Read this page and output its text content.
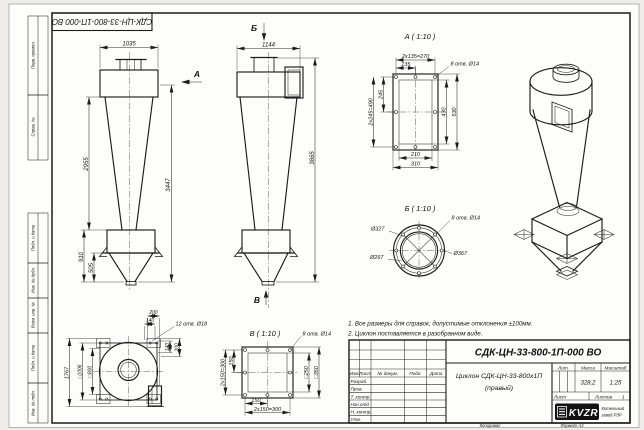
Перв. примен.
Справ. №
Подп. и дата
Инв. № дубл.
Взам. инв. №
Подп. и дата
Инв. № подл.
СДК-ЦН-33-800-1П-000 ВО
1035
3447
2955
910
505
А
Б
1144
3865
В
А ( 1:10 )
135
2х135=270
8 отв. Ø14
245
2х245=490	430 530
210
310
Б ( 1:10 )
8 отв. Ø14
Ø327
Ø267
Ø367
В ( 1:10 )	8 отв. Ø14
150
2х150=300	□250 □350
150
2х150=300
200
140
12 отв. Ø18
140 200
1767 □1006 □800
1. Все размеры для справок, допустимые отклонения ±100мм.
2. Циклон поставляется в разобранном виде.
СДК-ЦН-33-800-1П-000 ВО
Изм Лист № докум. Подп. Дата
Разраб.
Пров.
Т. контр.
Нач.отд
Н. контр.
Утв.
Циклон СДК-ЦН-33-800х1П
(правый)
Лит.	Масса Масштаб
328,2 1:25
Лист	Листов 1
KVZR Котельный
завод РЗР
Копировал	Формат А3
